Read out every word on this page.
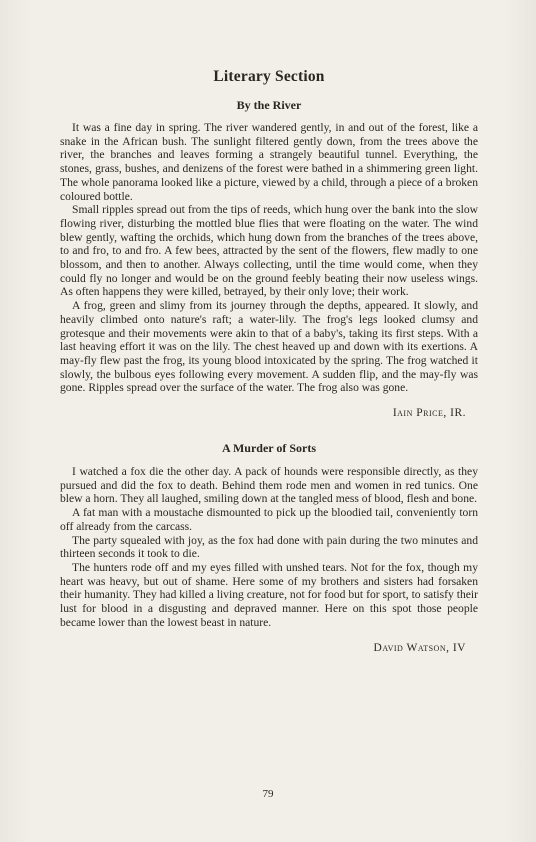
Literary Section
By the River

It was a fine day in spring. The river wandered gently, in and out of the forest, like a snake in the African bush. The sunlight filtered gently down, from the trees above the river, the branches and leaves forming a strangely beautiful tunnel. Everything, the stones, grass, bushes, and denizens of the forest were bathed in a shimmering green light. The whole panorama looked like a picture, viewed by a child, through a piece of a broken coloured bottle.

Small ripples spread out from the tips of reeds, which hung over the bank into the slow flowing river, disturbing the mottled blue flies that were floating on the water. The wind blew gently, wafting the orchids, which hung down from the branches of the trees above, to and fro, to and fro. A few bees, attracted by the sent of the flowers, flew madly to one blossom, and then to another. Always collecting, until the time would come, when they could fly no longer and would be on the ground feebly beating their now useless wings. As often happens they were killed, betrayed, by their only love; their work.

A frog, green and slimy from its journey through the depths, appeared. It slowly, and heavily climbed onto nature's raft; a water-lily. The frog's legs looked clumsy and grotesque and their movements were akin to that of a baby's, taking its first steps. With a last heaving effort it was on the lily. The chest heaved up and down with its exertions. A may-fly flew past the frog, its young blood intoxicated by the spring. The frog watched it slowly, the bulbous eyes following every movement. A sudden flip, and the may-fly was gone. Ripples spread over the surface of the water. The frog also was gone.

Iain Price, IR.
A Murder of Sorts

I watched a fox die the other day. A pack of hounds were responsible directly, as they pursued and did the fox to death. Behind them rode men and women in red tunics. One blew a horn. They all laughed, smiling down at the tangled mess of blood, flesh and bone.

A fat man with a moustache dismounted to pick up the bloodied tail, conveniently torn off already from the carcass.

The party squealed with joy, as the fox had done with pain during the two minutes and thirteen seconds it took to die.

The hunters rode off and my eyes filled with unshed tears. Not for the fox, though my heart was heavy, but out of shame. Here some of my brothers and sisters had forsaken their humanity. They had killed a living creature, not for food but for sport, to satisfy their lust for blood in a disgusting and depraved manner. Here on this spot those people became lower than the lowest beast in nature.

David Watson, IV
79
